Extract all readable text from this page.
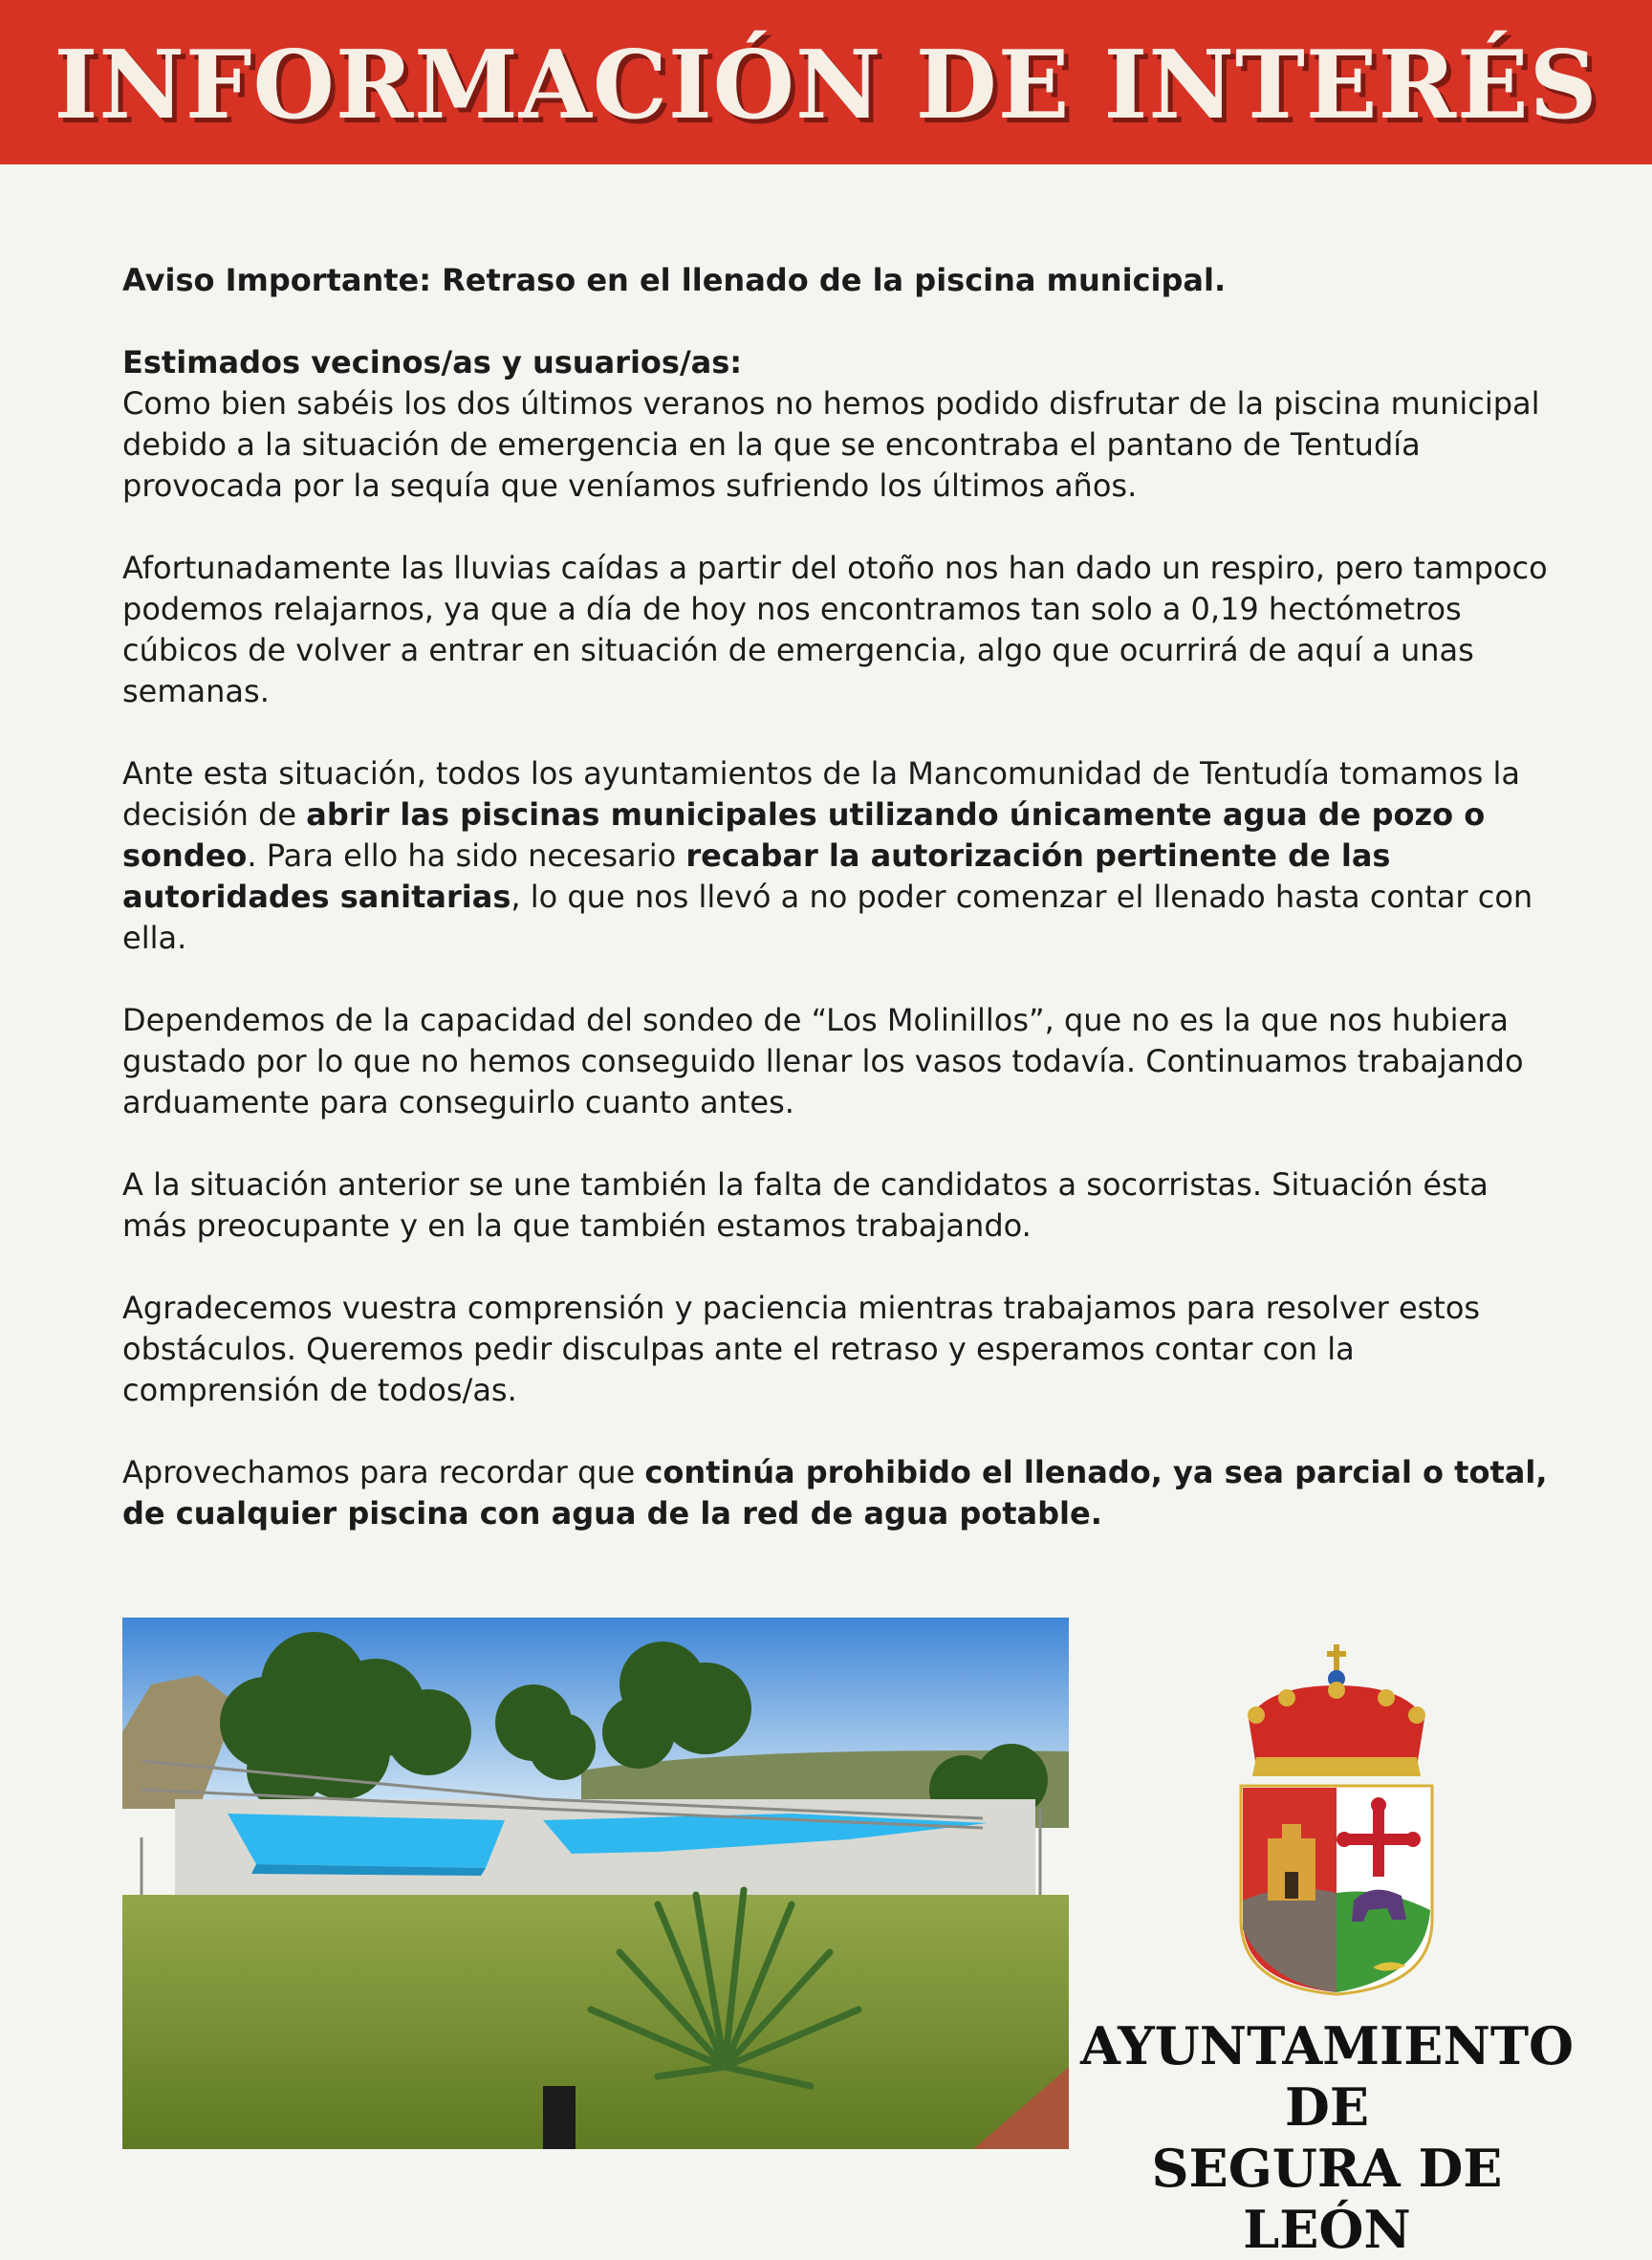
INFORMACIÓN DE INTERÉS

Aviso Importante: Retraso en el llenado de la piscina municipal.

Estimados vecinos/as y usuarios/as:
Como bien sabéis los dos últimos veranos no hemos podido disfrutar de la piscina municipal debido a la situación de emergencia en la que se encontraba el pantano de Tentudía provocada por la sequía que veníamos sufriendo los últimos años.

Afortunadamente las lluvias caídas a partir del otoño nos han dado un respiro, pero tampoco podemos relajarnos, ya que a día de hoy nos encontramos tan solo a 0,19 hectómetros cúbicos de volver a entrar en situación de emergencia, algo que ocurrirá de aquí a unas semanas.

Ante esta situación, todos los ayuntamientos de la Mancomunidad de Tentudía tomamos la decisión de abrir las piscinas municipales utilizando únicamente agua de pozo o sondeo. Para ello ha sido necesario recabar la autorización pertinente de las autoridades sanitarias, lo que nos llevó a no poder comenzar el llenado hasta contar con ella.

Dependemos de la capacidad del sondeo de “Los Molinillos”, que no es la que nos hubiera gustado por lo que no hemos conseguido llenar los vasos todavía. Continuamos trabajando arduamente para conseguirlo cuanto antes.

A la situación anterior se une también la falta de candidatos a socorristas. Situación ésta más preocupante y en la que también estamos trabajando.

Agradecemos vuestra comprensión y paciencia mientras trabajamos para resolver estos obstáculos. Queremos pedir disculpas ante el retraso y esperamos contar con la comprensión de todos/as.

Aprovechamos para recordar que continúa prohibido el llenado, ya sea parcial o total, de cualquier piscina con agua de la red de agua potable.

AYUNTAMIENTO DE
SEGURA DE LEÓN
